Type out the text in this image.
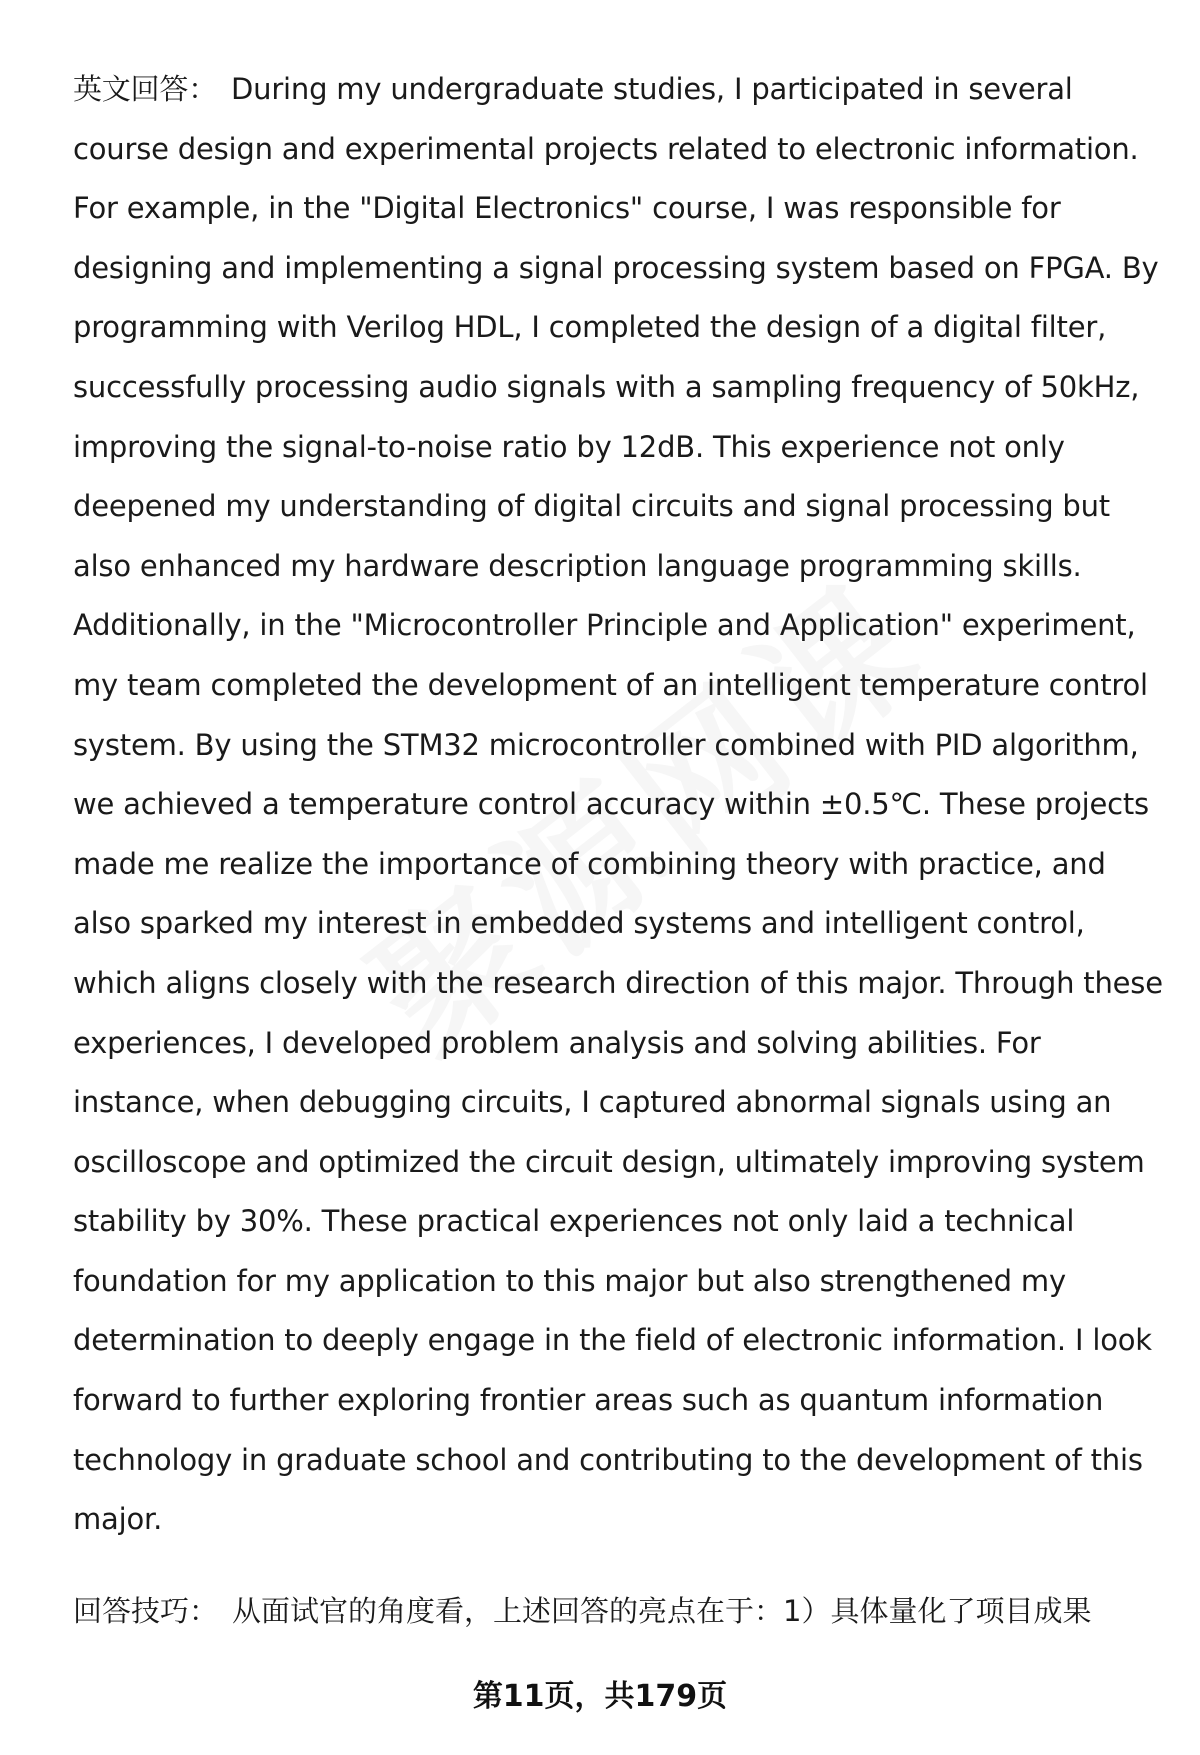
英文回答： During my undergraduate studies, I participated in several
course design and experimental projects related to electronic information.
For example, in the "Digital Electronics" course, I was responsible for
designing and implementing a signal processing system based on FPGA. By
programming with Verilog HDL, I completed the design of a digital filter,
successfully processing audio signals with a sampling frequency of 50kHz,
improving the signal-to-noise ratio by 12dB. This experience not only
deepened my understanding of digital circuits and signal processing but
also enhanced my hardware description language programming skills.
Additionally, in the "Microcontroller Principle and Application" experiment,
my team completed the development of an intelligent temperature control
system. By using the STM32 microcontroller combined with PID algorithm,
we achieved a temperature control accuracy within ±0.5℃. These projects
made me realize the importance of combining theory with practice, and
also sparked my interest in embedded systems and intelligent control,
which aligns closely with the research direction of this major. Through these
experiences, I developed problem analysis and solving abilities. For
instance, when debugging circuits, I captured abnormal signals using an
oscilloscope and optimized the circuit design, ultimately improving system
stability by 30%. These practical experiences not only laid a technical
foundation for my application to this major but also strengthened my
determination to deeply engage in the field of electronic information. I look
forward to further exploring frontier areas such as quantum information
technology in graduate school and contributing to the development of this
major.
回答技巧： 从面试官的角度看，上述回答的亮点在于：1）具体量化了项目成果
第11页，共179页
